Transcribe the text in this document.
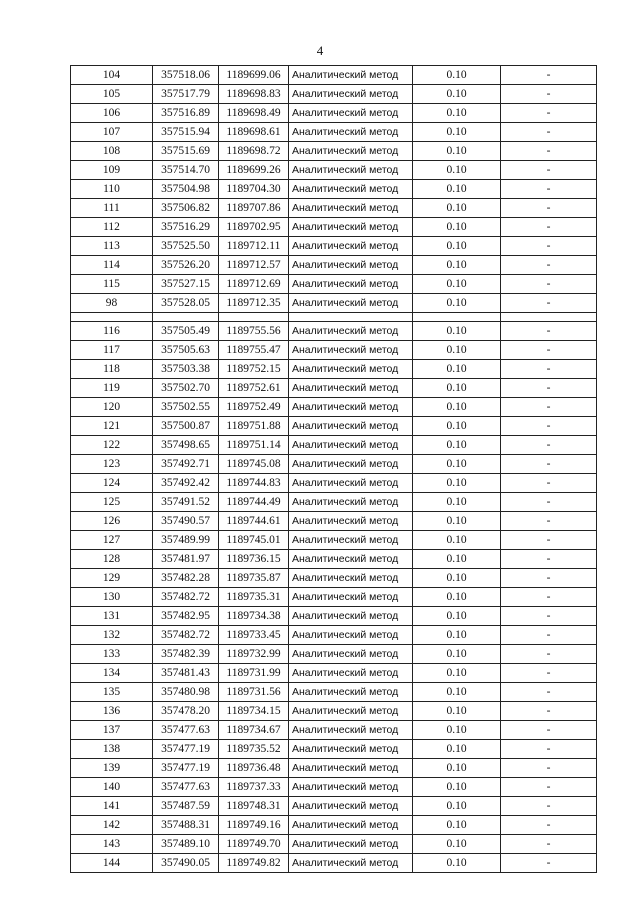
4
104	357518.06	1189699.06	Аналитический метод	0.10	-
105	357517.79	1189698.83	Аналитический метод	0.10	-
106	357516.89	1189698.49	Аналитический метод	0.10	-
107	357515.94	1189698.61	Аналитический метод	0.10	-
108	357515.69	1189698.72	Аналитический метод	0.10	-
109	357514.70	1189699.26	Аналитический метод	0.10	-
110	357504.98	1189704.30	Аналитический метод	0.10	-
111	357506.82	1189707.86	Аналитический метод	0.10	-
112	357516.29	1189702.95	Аналитический метод	0.10	-
113	357525.50	1189712.11	Аналитический метод	0.10	-
114	357526.20	1189712.57	Аналитический метод	0.10	-
115	357527.15	1189712.69	Аналитический метод	0.10	-
98	357528.05	1189712.35	Аналитический метод	0.10	-

116	357505.49	1189755.56	Аналитический метод	0.10	-
117	357505.63	1189755.47	Аналитический метод	0.10	-
118	357503.38	1189752.15	Аналитический метод	0.10	-
119	357502.70	1189752.61	Аналитический метод	0.10	-
120	357502.55	1189752.49	Аналитический метод	0.10	-
121	357500.87	1189751.88	Аналитический метод	0.10	-
122	357498.65	1189751.14	Аналитический метод	0.10	-
123	357492.71	1189745.08	Аналитический метод	0.10	-
124	357492.42	1189744.83	Аналитический метод	0.10	-
125	357491.52	1189744.49	Аналитический метод	0.10	-
126	357490.57	1189744.61	Аналитический метод	0.10	-
127	357489.99	1189745.01	Аналитический метод	0.10	-
128	357481.97	1189736.15	Аналитический метод	0.10	-
129	357482.28	1189735.87	Аналитический метод	0.10	-
130	357482.72	1189735.31	Аналитический метод	0.10	-
131	357482.95	1189734.38	Аналитический метод	0.10	-
132	357482.72	1189733.45	Аналитический метод	0.10	-
133	357482.39	1189732.99	Аналитический метод	0.10	-
134	357481.43	1189731.99	Аналитический метод	0.10	-
135	357480.98	1189731.56	Аналитический метод	0.10	-
136	357478.20	1189734.15	Аналитический метод	0.10	-
137	357477.63	1189734.67	Аналитический метод	0.10	-
138	357477.19	1189735.52	Аналитический метод	0.10	-
139	357477.19	1189736.48	Аналитический метод	0.10	-
140	357477.63	1189737.33	Аналитический метод	0.10	-
141	357487.59	1189748.31	Аналитический метод	0.10	-
142	357488.31	1189749.16	Аналитический метод	0.10	-
143	357489.10	1189749.70	Аналитический метод	0.10	-
144	357490.05	1189749.82	Аналитический метод	0.10	-
